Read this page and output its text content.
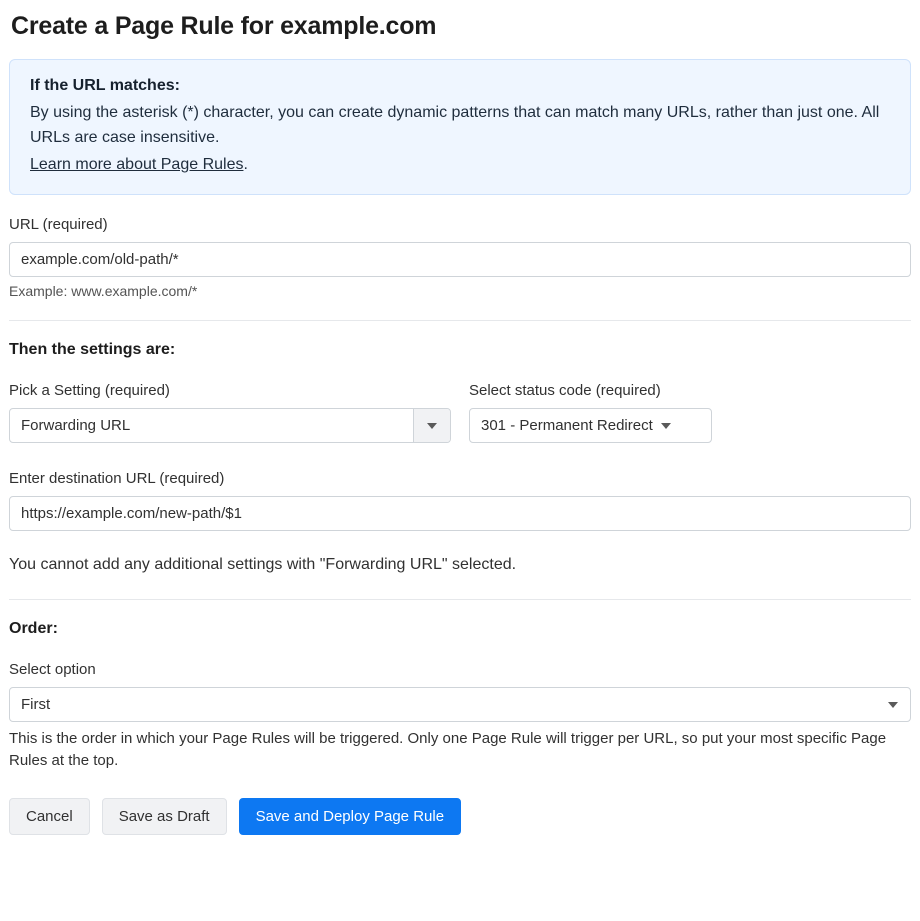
Create a Page Rule for example.com
If the URL matches:
By using the asterisk (*) character, you can create dynamic patterns that can match many URLs, rather than just one. All URLs are case insensitive.
Learn more about Page Rules.
URL (required)
example.com/old-path/*
Example: www.example.com/*
Then the settings are:
Pick a Setting (required)
Forwarding URL
Select status code (required)
301 - Permanent Redirect
Enter destination URL (required)
https://example.com/new-path/$1
You cannot add any additional settings with "Forwarding URL" selected.
Order:
Select option
First
This is the order in which your Page Rules will be triggered. Only one Page Rule will trigger per URL, so put your most specific Page Rules at the top.
Cancel	Save as Draft	Save and Deploy Page Rule
